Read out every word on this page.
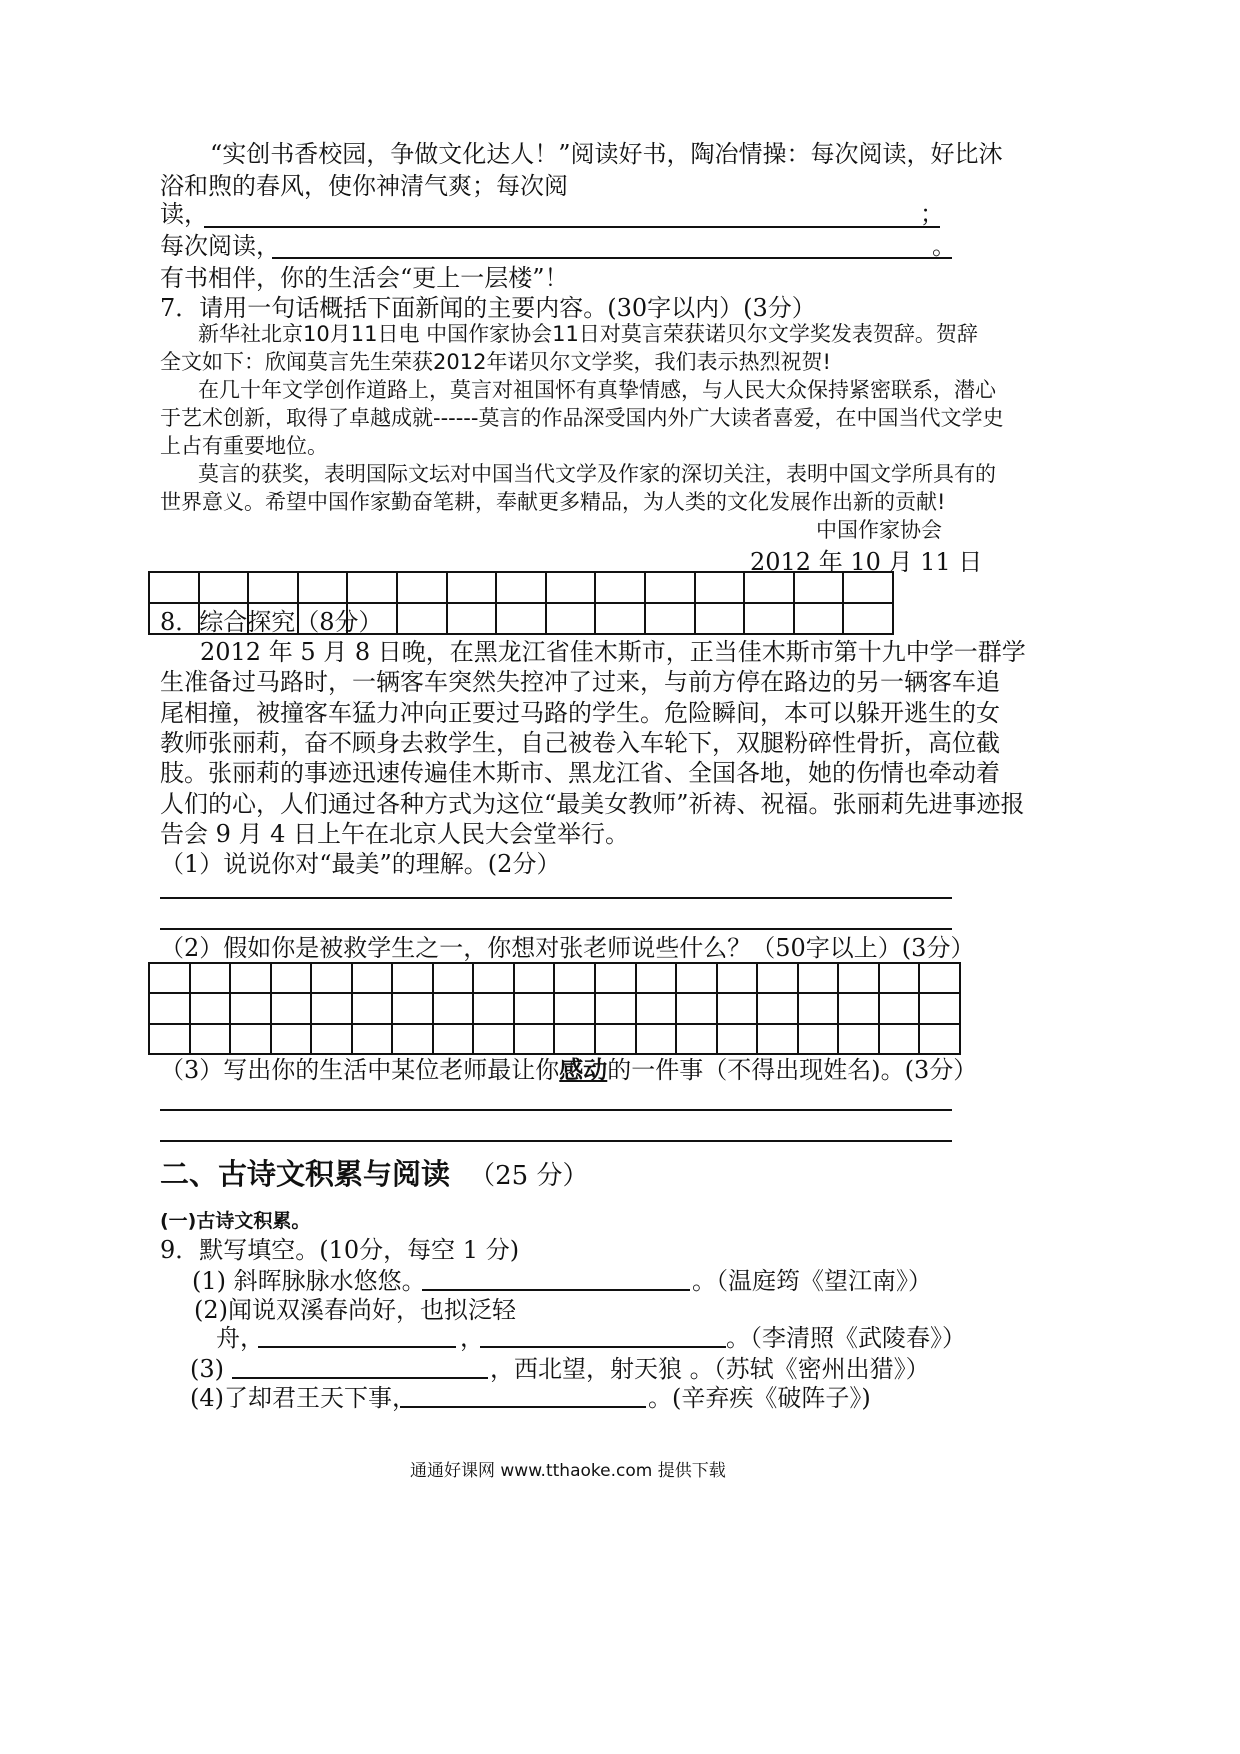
“实创书香校园，争做文化达人！”阅读好书，陶冶情操：每次阅读，好比沐
浴和煦的春风，使你神清气爽；每次阅
读，	；
每次阅读，	。
有书相伴，你的生活会“更上一层楼”！
7．请用一句话概括下面新闻的主要内容。(30字以内）(3分）
新华社北京10月11日电 中国作家协会11日对莫言荣获诺贝尔文学奖发表贺辞。贺辞
全文如下：欣闻莫言先生荣获2012年诺贝尔文学奖，我们表示热烈祝贺!
在几十年文学创作道路上，莫言对祖国怀有真挚情感，与人民大众保持紧密联系，潜心
于艺术创新，取得了卓越成就------莫言的作品深受国内外广大读者喜爱，在中国当代文学史
上占有重要地位。
莫言的获奖，表明国际文坛对中国当代文学及作家的深切关注，表明中国文学所具有的
世界意义。希望中国作家勤奋笔耕，奉献更多精品，为人类的文化发展作出新的贡献!
中国作家协会
2012 年 10 月 11 日

8．综合探究（8分）
2012 年 5 月 8 日晚，在黑龙江省佳木斯市，正当佳木斯市第十九中学一群学
生准备过马路时，一辆客车突然失控冲了过来，与前方停在路边的另一辆客车追
尾相撞，被撞客车猛力冲向正要过马路的学生。危险瞬间，本可以躲开逃生的女
教师张丽莉，奋不顾身去救学生，自己被卷入车轮下，双腿粉碎性骨折，高位截
肢。张丽莉的事迹迅速传遍佳木斯市、黑龙江省、全国各地，她的伤情也牵动着
人们的心，人们通过各种方式为这位“最美女教师”祈祷、祝福。张丽莉先进事迹报
告会 9 月 4 日上午在北京人民大会堂举行。
（1）说说你对“最美”的理解。(2分）
（2）假如你是被救学生之一，你想对张老师说些什么？（50字以上）(3分）

（3）写出你的生活中某位老师最让你感动的一件事（不得出现姓名)。(3分）
二、古诗文积累与阅读 （25 分）
(一)古诗文积累。
9．默写填空。(10分，每空 1 分)
(1) 斜晖脉脉水悠悠。	。（温庭筠《望江南》）
(2)闻说双溪春尚好，也拟泛轻
舟，	，	。（李清照《武陵春》）
(3)	，西北望，射天狼 。（苏轼《密州出猎》）
(4)了却君王天下事，	。(辛弃疾《破阵子》)
通通好课网 www.tthaoke.com 提供下载
